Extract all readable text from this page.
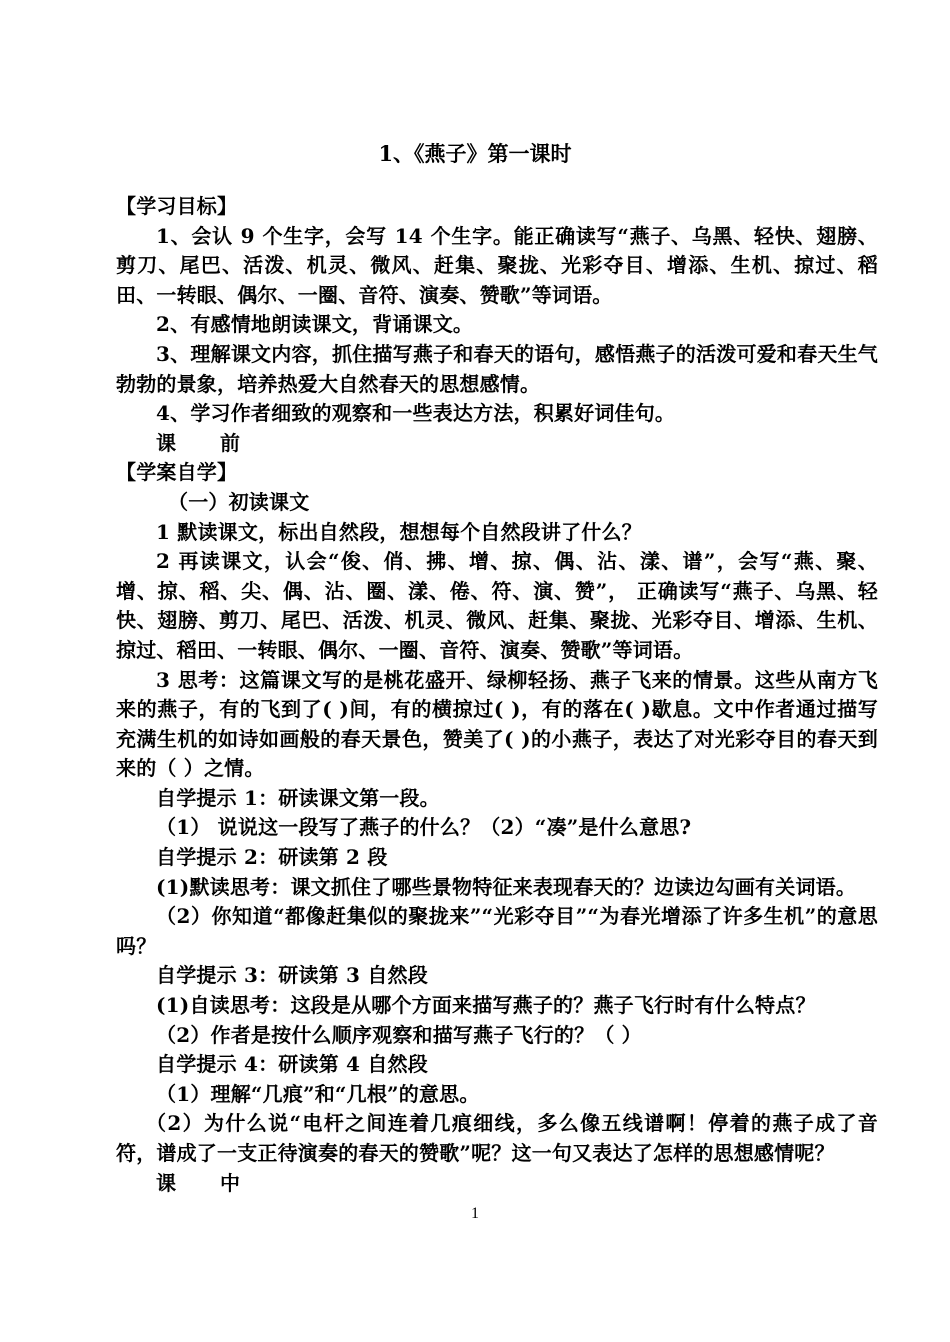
1、《燕子》第一课时

【学习目标】

1、会认 9 个生字，会写 14 个生字。能正确读写“燕子、乌黑、轻快、翅膀、剪刀、尾巴、活泼、机灵、微风、赶集、聚拢、光彩夺目、增添、生机、掠过、稻田、一转眼、偶尔、一圈、音符、演奏、赞歌”等词语。

2、有感情地朗读课文，背诵课文。

3、理解课文内容，抓住描写燕子和春天的语句，感悟燕子的活泼可爱和春天生气勃勃的景象，培养热爱大自然春天的思想感情。

4、学习作者细致的观察和一些表达方法，积累好词佳句。

课前

【学案自学】

（一）初读课文

1 默读课文，标出自然段，想想每个自然段讲了什么？

2 再读课文，认会“俊、俏、拂、增、掠、偶、沾、漾、谱”，会写“燕、聚、增、掠、稻、尖、偶、沾、圈、漾、倦、符、演、赞”， 正确读写“燕子、乌黑、轻快、翅膀、剪刀、尾巴、活泼、机灵、微风、赶集、聚拢、光彩夺目、增添、生机、掠过、稻田、一转眼、偶尔、一圈、音符、演奏、赞歌”等词语。

3 思考：这篇课文写的是桃花盛开、绿柳轻扬、燕子飞来的情景。这些从南方飞来的燕子，有的飞到了( )间，有的横掠过( )，有的落在( )歇息。文中作者通过描写充满生机的如诗如画般的春天景色，赞美了( )的小燕子，表达了对光彩夺目的春天到来的（ ）之情。

自学提示 1：研读课文第一段。

（1） 说说这一段写了燕子的什么？（2）“凑”是什么意思?

自学提示 2：研读第 2 段

(1)默读思考：课文抓住了哪些景物特征来表现春天的？边读边勾画有关词语。

（2）你知道“都像赶集似的聚拢来”“光彩夺目”“为春光增添了许多生机”的意思吗？

自学提示 3：研读第 3 自然段

(1)自读思考：这段是从哪个方面来描写燕子的？燕子飞行时有什么特点？

（2）作者是按什么顺序观察和描写燕子飞行的？（ ）

自学提示 4：研读第 4 自然段

（1）理解“几痕”和“几根”的意思。

（2）为什么说“电杆之间连着几痕细线，多么像五线谱啊！停着的燕子成了音符，谱成了一支正待演奏的春天的赞歌”呢？这一句又表达了怎样的思想感情呢？

课中

1
